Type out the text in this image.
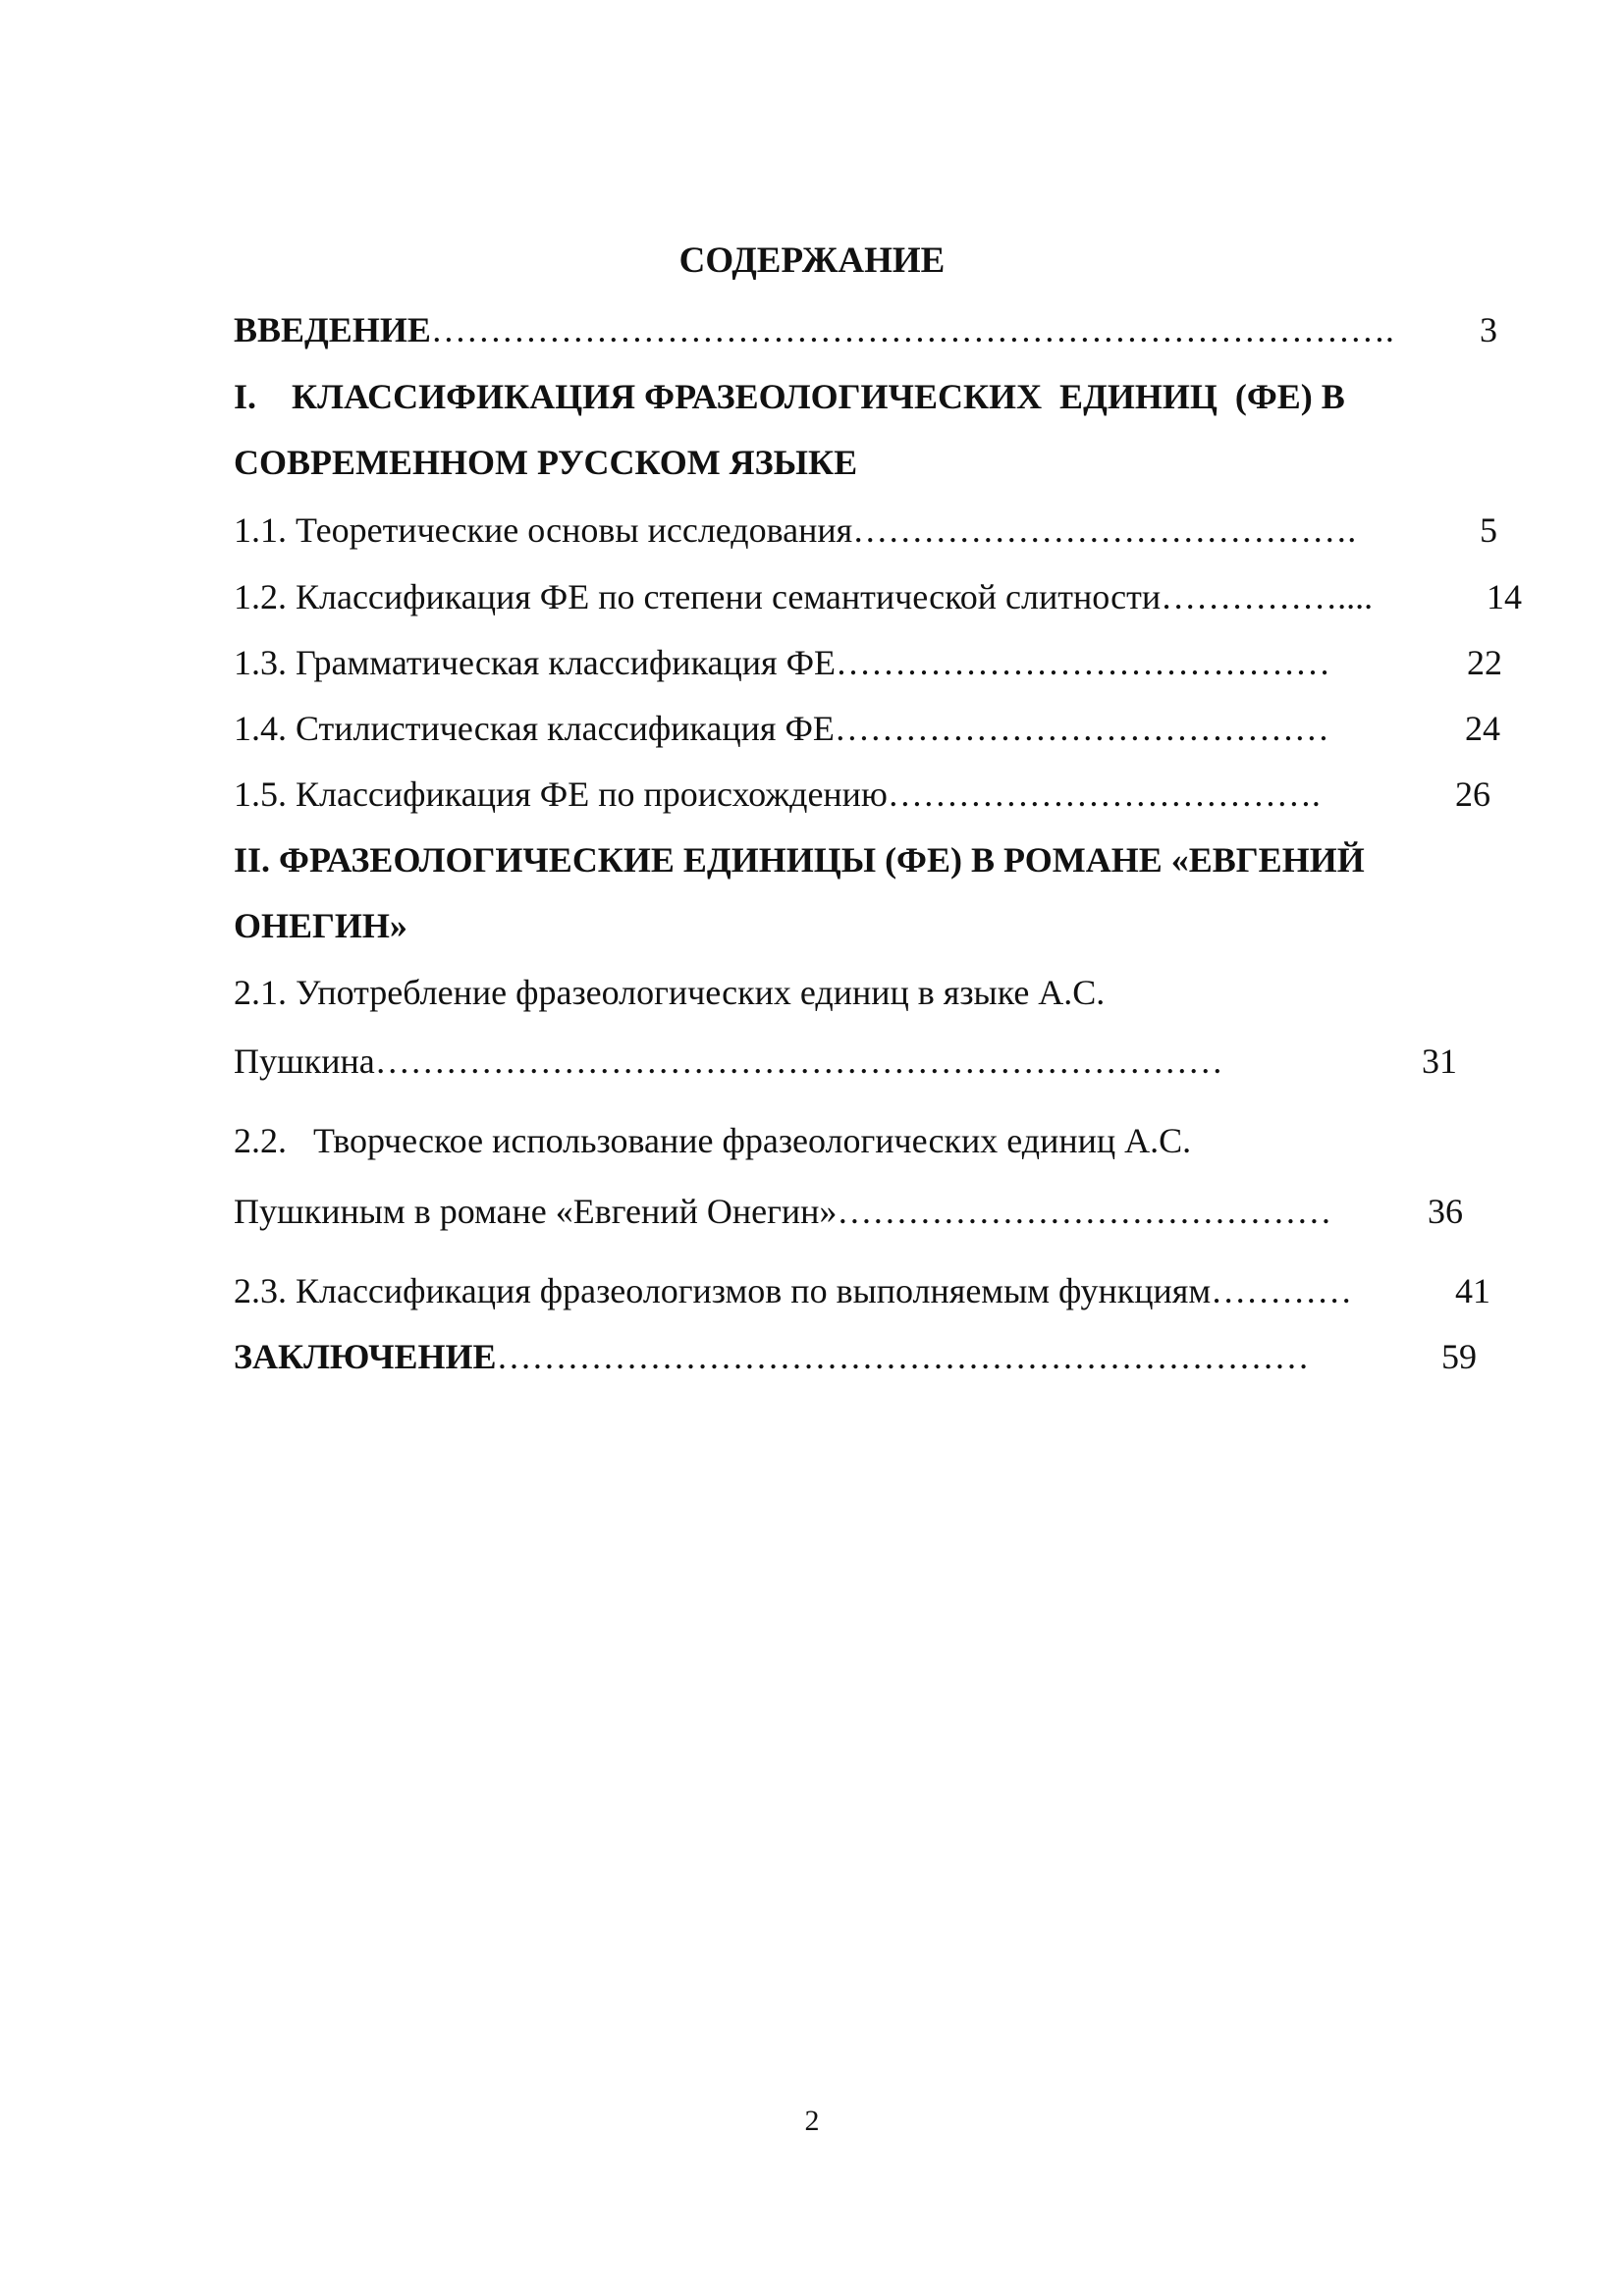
СОДЕРЖАНИЕ
ВВЕДЕНИЕ ……………………………………………………………………….	3
I.    КЛАССИФИКАЦИЯ ФРАЗЕОЛОГИЧЕСКИХ  ЕДИНИЦ  (ФЕ) В
СОВРЕМЕННОМ РУССКОМ ЯЗЫКЕ
1.1. Теоретические основы исследования …………………………………….	5
1.2. Классификация ФЕ по степени семантической слитности ……………....	14
1.3. Грамматическая классификация ФЕ ……………………………………	22
1.4. Стилистическая классификация ФЕ ……………………………………	24
1.5. Классификация ФЕ по происхождению ……………………………….	26
II. ФРАЗЕОЛОГИЧЕСКИЕ ЕДИНИЦЫ (ФЕ) В РОМАНЕ «ЕВГЕНИЙ
ОНЕГИН»
2.1. Употребление фразеологических единиц в языке А.С.
Пушкина ………………………………………………………………	31
2.2.   Творческое использование фразеологических единиц А.С.
Пушкиным в романе «Евгений Онегин» ……………………………………	36
2.3. Классификация фразеологизмов по выполняемым функциям …………	41
ЗАКЛЮЧЕНИЕ ……………………………………………………………	59
2
